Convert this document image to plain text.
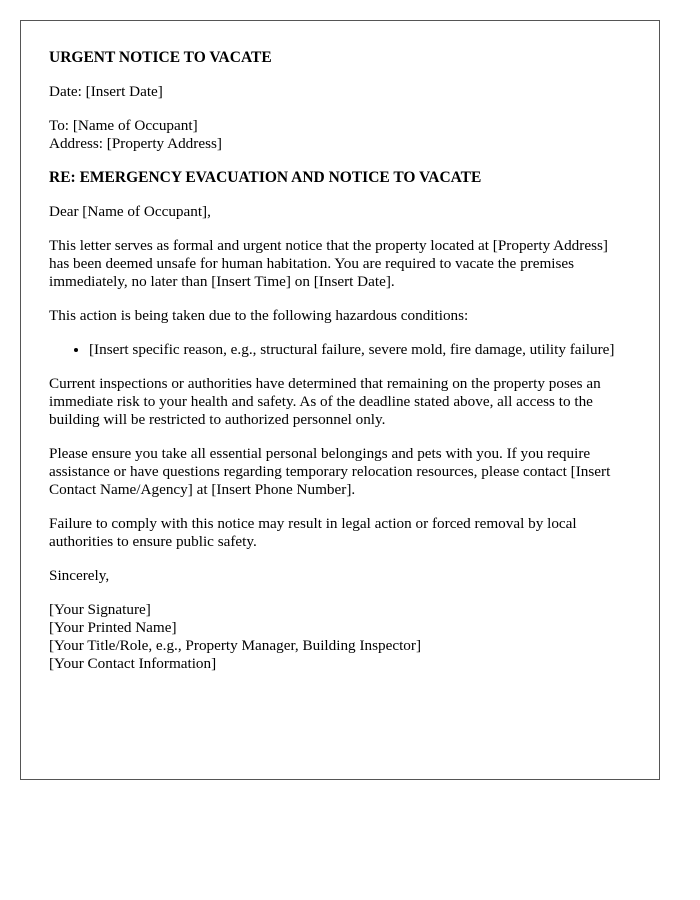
URGENT NOTICE TO VACATE

Date: [Insert Date]

To: [Name of Occupant]
Address: [Property Address]

RE: EMERGENCY EVACUATION AND NOTICE TO VACATE

Dear [Name of Occupant],

This letter serves as formal and urgent notice that the property located at [Property Address] has been deemed unsafe for human habitation. You are required to vacate the premises immediately, no later than [Insert Time] on [Insert Date].

This action is being taken due to the following hazardous conditions:

• [Insert specific reason, e.g., structural failure, severe mold, fire damage, utility failure]

Current inspections or authorities have determined that remaining on the property poses an immediate risk to your health and safety. As of the deadline stated above, all access to the building will be restricted to authorized personnel only.

Please ensure you take all essential personal belongings and pets with you. If you require assistance or have questions regarding temporary relocation resources, please contact [Insert Contact Name/Agency] at [Insert Phone Number].

Failure to comply with this notice may result in legal action or forced removal by local authorities to ensure public safety.

Sincerely,

[Your Signature]
[Your Printed Name]
[Your Title/Role, e.g., Property Manager, Building Inspector]
[Your Contact Information]
